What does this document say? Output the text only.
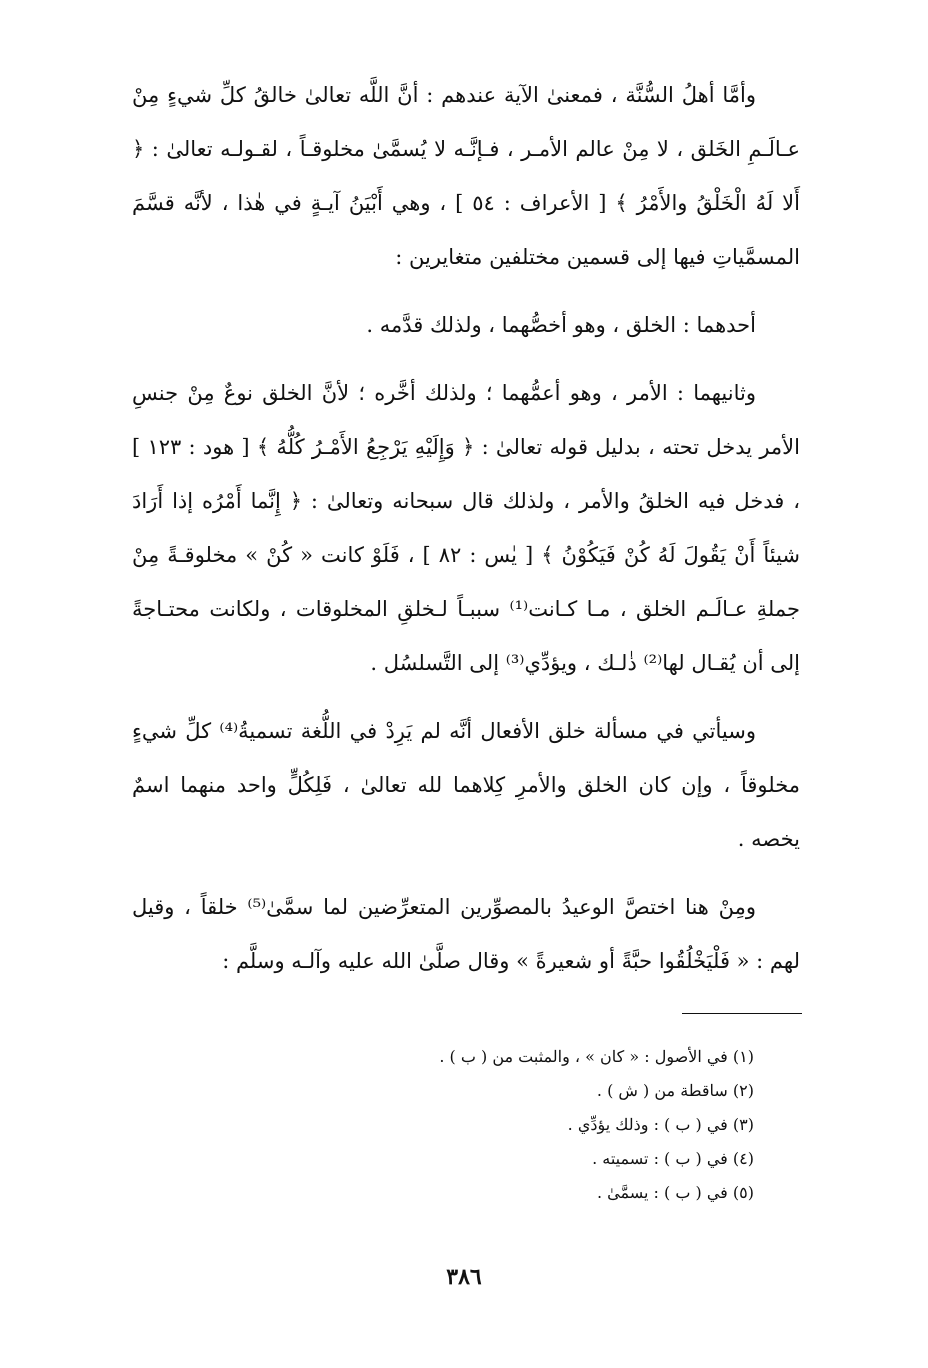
وأمَّا أهلُ السُّنَّة ، فمعنىٰ الآية عندهم : أنَّ اللَّه تعالىٰ خالقُ كلِّ شيءٍ مِنْ عـالَـمِ الخَلق ، لا مِنْ عالم الأمـر ، فـإنَّـه لا يُسمَّىٰ مخلوقـاً ، لقـولـه تعالىٰ : ﴿ أَلا لَهُ الْخَلْقُ والأَمْرُ ﴾ [ الأعراف : ٥٤ ] ، وهي أَبْيَنُ آيـةٍ في هٰذا ، لأنَّه قسَّمَ المسمَّياتِ فيها إلى قسمين مختلفين متغايرين :

أحدهما : الخلق ، وهو أخصُّهما ، ولذلك قدَّمه .

وثانيهما : الأمر ، وهو أعمُّهما ؛ ولذلك أخَّره ؛ لأنَّ الخلق نوعٌ مِنْ جنسِ الأمر يدخل تحته ، بدليل قوله تعالىٰ : ﴿ وَإِلَيْهِ يَرْجِعُ الأَمْـرُ كُلُّهُ ﴾ [ هود : ١٢٣ ] ، فدخل فيه الخلقُ والأمر ، ولذلك قال سبحانه وتعالىٰ : ﴿ إِنَّما أَمْرُه إذا أَرَادَ شيئاً أَنْ يَقُولَ لَهُ كُنْ فَيَكُوْنُ ﴾ [ يٰس : ٨٢ ] ، فَلَوْ كانت « كُنْ » مخلوقـةً مِنْ جملةِ عـالَـم الخلق ، مـا كـانت⁽¹⁾ سببـاً لـخلقِ المخلوقات ، ولكانت محتـاجةً إلى أن يُقـال لها⁽²⁾ ذٰلـك ، ويؤدِّي⁽³⁾ إلى التَّسلسُل .

وسيأتي في مسألة خلق الأفعال أنَّه لم يَرِدْ في اللُّغة تسميةُ⁽⁴⁾ كلِّ شيءٍ مخلوقاً ، وإن كان الخلق والأمرِ كِلاهما لله تعالىٰ ، فَلِكُلٍّ واحد منهما اسمٌ يخصه .

ومِنْ هنا اختصَّ الوعيدُ بالمصوِّرين المتعرِّضين لما سمَّىٰ⁽⁵⁾ خلقاً ، وقيل لهم : « فَلْيَخْلُقُوا حبَّةً أو شعيرةً » وقال صلَّىٰ الله عليه وآلـه وسلَّم :

(١) في الأصول : « كان » ، والمثبت من ( ب ) .

(٢) ساقطة من ( ش ) .

(٣) في ( ب ) : وذلك يؤدِّي .

(٤) في ( ب ) : تسميته .

(٥) في ( ب ) : يسمَّىٰ .

٣٨٦
